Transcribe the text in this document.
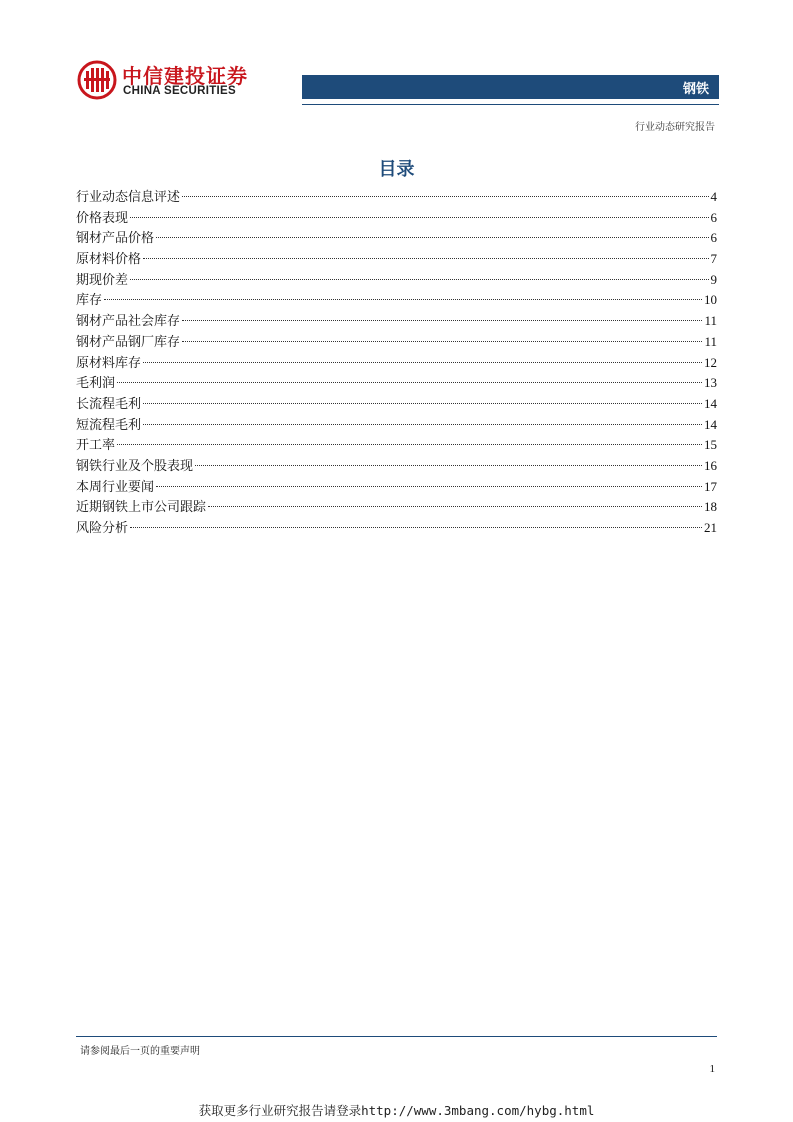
中信建投证券
CHINA SECURITIES	钢铁
行业动态研究报告
目录
行业动态信息评述	4
价格表现	6
钢材产品价格	6
原材料价格	7
期现价差	9
库存	10
钢材产品社会库存	11
钢材产品钢厂库存	11
原材料库存	12
毛利润	13
长流程毛利	14
短流程毛利	14
开工率	15
钢铁行业及个股表现	16
本周行业要闻	17
近期钢铁上市公司跟踪	18
风险分析	21
请参阅最后一页的重要声明
1
获取更多行业研究报告请登录http://www.3mbang.com/hybg.html
